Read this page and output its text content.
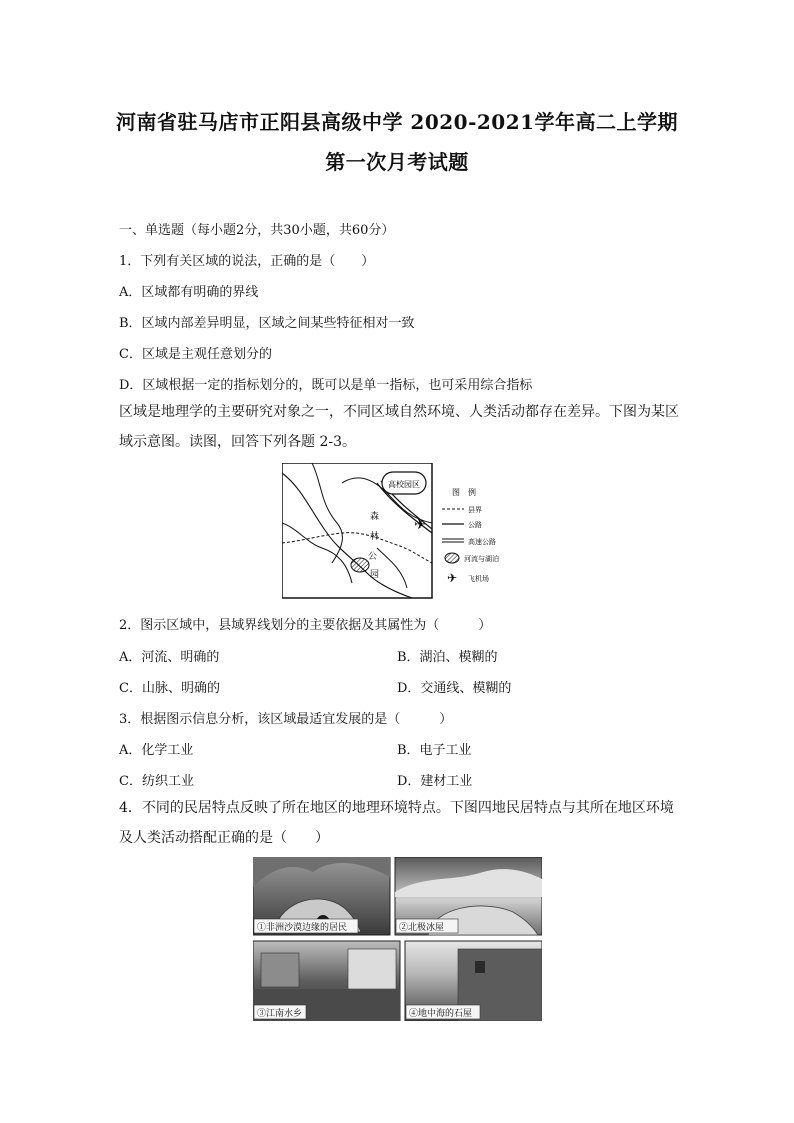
河南省驻马店市正阳县高级中学 2020-2021学年高二上学期
第一次月考试题
一、单选题（每小题2分，共30小题，共60分）
1．下列有关区域的说法，正确的是（　　）
A．区域都有明确的界线
B．区域内部差异明显，区域之间某些特征相对一致
C．区域是主观任意划分的
D．区域根据一定的指标划分的，既可以是单一指标，也可采用综合指标
区域是地理学的主要研究对象之一，不同区域自然环境、人类活动都存在差异。下图为某区域示意图。读图，回答下列各题 2-3。
高校园区
森
林
公
园
✈
图　例
县界
公路
高速公路
河流与湖泊
✈ 飞机场
2．图示区域中，县域界线划分的主要依据及其属性为（　　　）
A．河流、明确的	B．湖泊、模糊的
C．山脉、明确的	D．交通线、模糊的
3．根据图示信息分析，该区域最适宜发展的是（　　　）
A．化学工业	B．电子工业
C．纺织工业	D．建材工业
4．不同的民居特点反映了所在地区的地理环境特点。下图四地民居特点与其所在地区环境及人类活动搭配正确的是（　　）
①非洲沙漠边缘的居民	②北极冰屋
③江南水乡	④地中海的石屋
